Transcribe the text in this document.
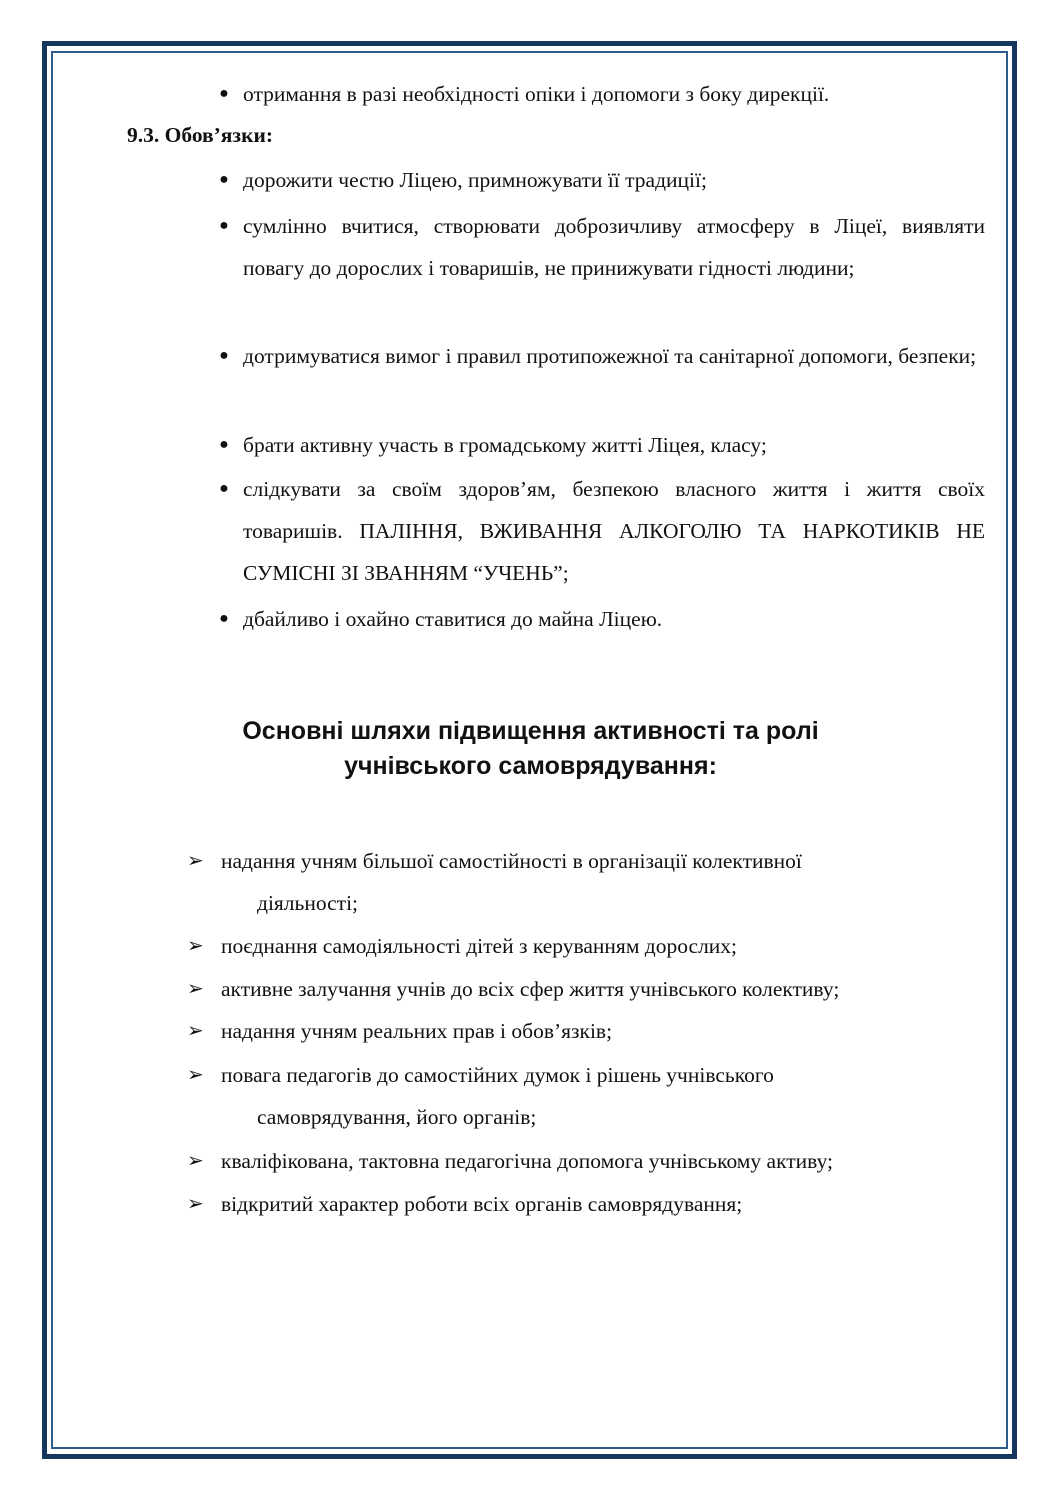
● отримання в разі необхідності опіки і допомоги з боку дирекції.
9.3. Обов’язки:
● дорожити честю Ліцею, примножувати її традиції;
● сумлінно вчитися, створювати доброзичливу атмосферу в Ліцеї, виявляти повагу до дорослих і товаришів, не принижувати гідності людини;
● дотримуватися вимог і правил протипожежної та санітарної допомоги, безпеки;
● брати активну участь в громадському житті Ліцея, класу;
● слідкувати за своїм здоров’ям, безпекою власного життя і життя своїх товаришів. ПАЛІННЯ, ВЖИВАННЯ АЛКОГОЛЮ ТА НАРКОТИКІВ НЕ СУМІСНІ ЗІ ЗВАННЯМ “УЧЕНЬ”;
● дбайливо і охайно ставитися до майна Ліцею.
Основні шляхи підвищення активності та ролі
учнівського самоврядування:
➢ надання учням більшої самостійності в організації колективної
діяльності;
➢ поєднання самодіяльності дітей з керуванням дорослих;
➢ активне залучання учнів до всіх сфер життя учнівського колективу;
➢ надання учням реальних прав і обов’язків;
➢ повага педагогів до самостійних думок і рішень учнівського
самоврядування, його органів;
➢ кваліфікована, тактовна педагогічна допомога учнівському активу;
➢ відкритий характер роботи всіх органів самоврядування;
